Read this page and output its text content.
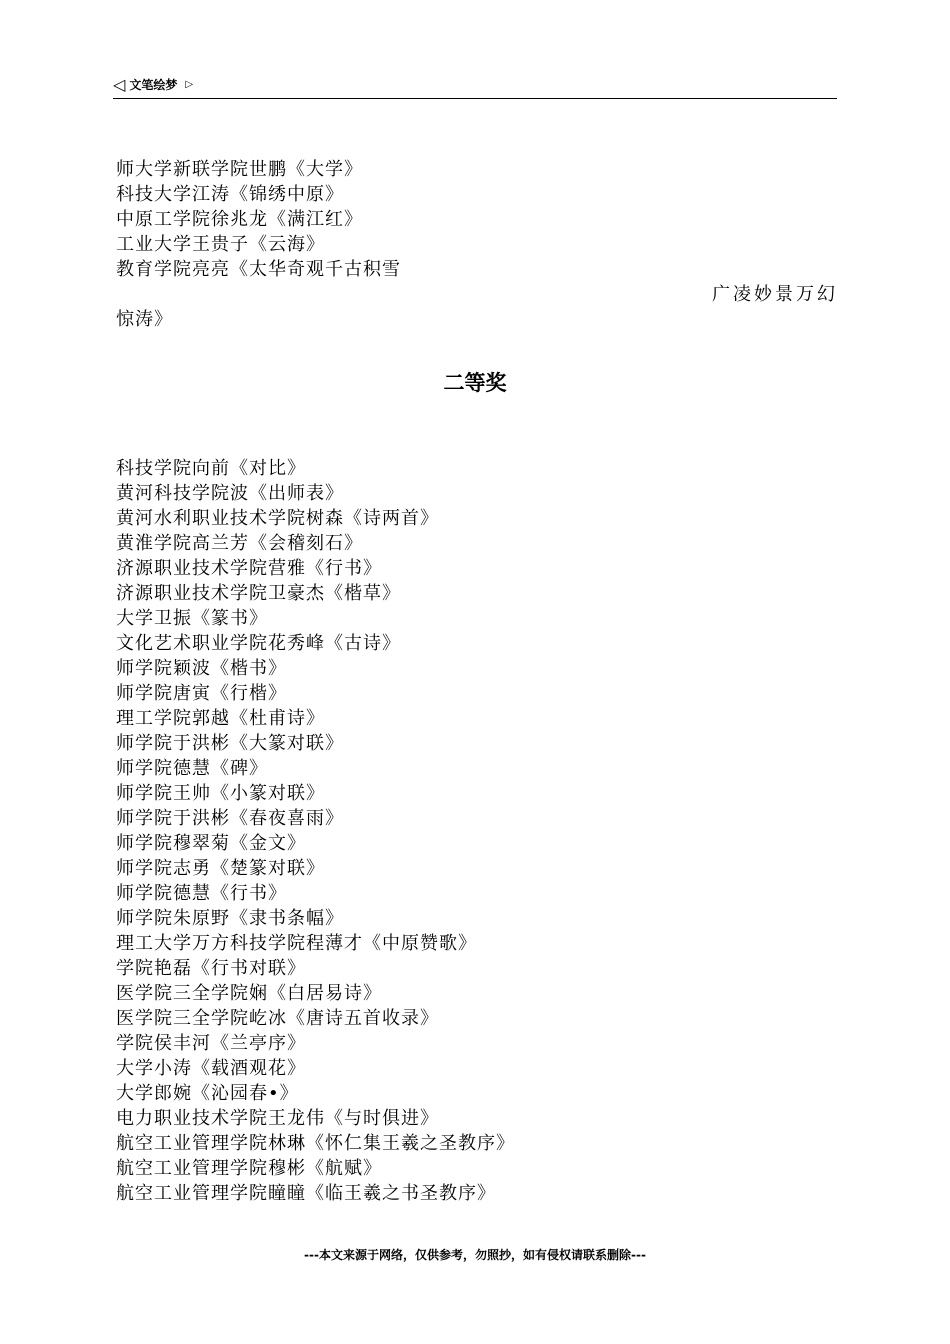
◁ 文笔绘梦 ▷
师大学新联学院世鹏《大学》
科技大学江涛《锦绣中原》
中原工学院徐兆龙《满江红》
工业大学王贵子《云海》
教育学院亮亮《太华奇观千古积雪
广凌妙景万幻
惊涛》
二等奖
科技学院向前《对比》
黄河科技学院波《出师表》
黄河水利职业技术学院树森《诗两首》
黄淮学院高兰芳《会稽刻石》
济源职业技术学院营雅《行书》
济源职业技术学院卫豪杰《楷草》
大学卫振《篆书》
文化艺术职业学院花秀峰《古诗》
师学院颖波《楷书》
师学院唐寅《行楷》
理工学院郭越《杜甫诗》
师学院于洪彬《大篆对联》
师学院德慧《碑》
师学院王帅《小篆对联》
师学院于洪彬《春夜喜雨》
师学院穆翠菊《金文》
师学院志勇《楚篆对联》
师学院德慧《行书》
师学院朱原野《隶书条幅》
理工大学万方科技学院程薄才《中原赞歌》
学院艳磊《行书对联》
医学院三全学院娴《白居易诗》
医学院三全学院屹冰《唐诗五首收录》
学院侯丰河《兰亭序》
大学小涛《载酒观花》
大学郎婉《沁园春•》
电力职业技术学院王龙伟《与时俱进》
航空工业管理学院林琳《怀仁集王羲之圣教序》
航空工业管理学院穆彬《航赋》
航空工业管理学院瞳瞳《临王羲之书圣教序》
---本文来源于网络，仅供参考，勿照抄，如有侵权请联系删除---
